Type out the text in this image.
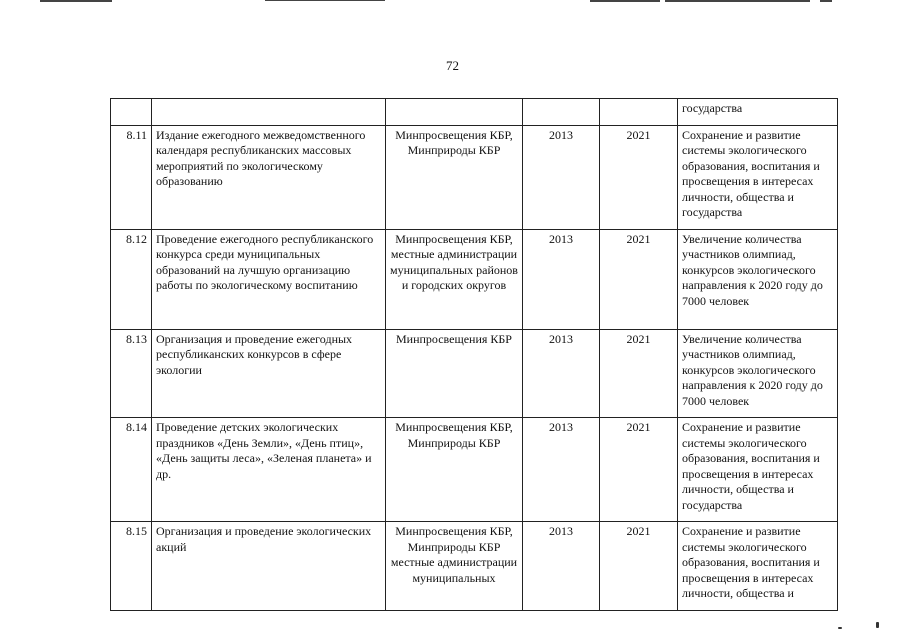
72
					государства
8.11	Издание ежегодного межведомственного календаря республиканских массовых мероприятий по экологическому образованию	Минпросвещения КБР, Минприроды КБР	2013	2021	Сохранение и развитие системы экологического образования, воспитания и просвещения в интересах личности, общества и государства
8.12	Проведение ежегодного республиканского конкурса среди муниципальных образований на лучшую организацию работы по экологическому воспитанию	Минпросвещения КБР, местные администрации муниципальных районов и городских округов	2013	2021	Увеличение количества участников олимпиад, конкурсов экологического направления к 2020 году до 7000 человек
8.13	Организация и проведение ежегодных республиканских конкурсов в сфере экологии	Минпросвещения КБР	2013	2021	Увеличение количества участников олимпиад, конкурсов экологического направления к 2020 году до 7000 человек
8.14	Проведение детских экологических праздников «День Земли», «День птиц», «День защиты леса», «Зеленая планета» и др.	Минпросвещения КБР, Минприроды КБР	2013	2021	Сохранение и развитие системы экологического образования, воспитания и просвещения в интересах личности, общества и государства
8.15	Организация и проведение экологических акций	Минпросвещения КБР, Минприроды КБР местные администрации муниципальных	2013	2021	Сохранение и развитие системы экологического образования, воспитания и просвещения в интересах личности, общества и
